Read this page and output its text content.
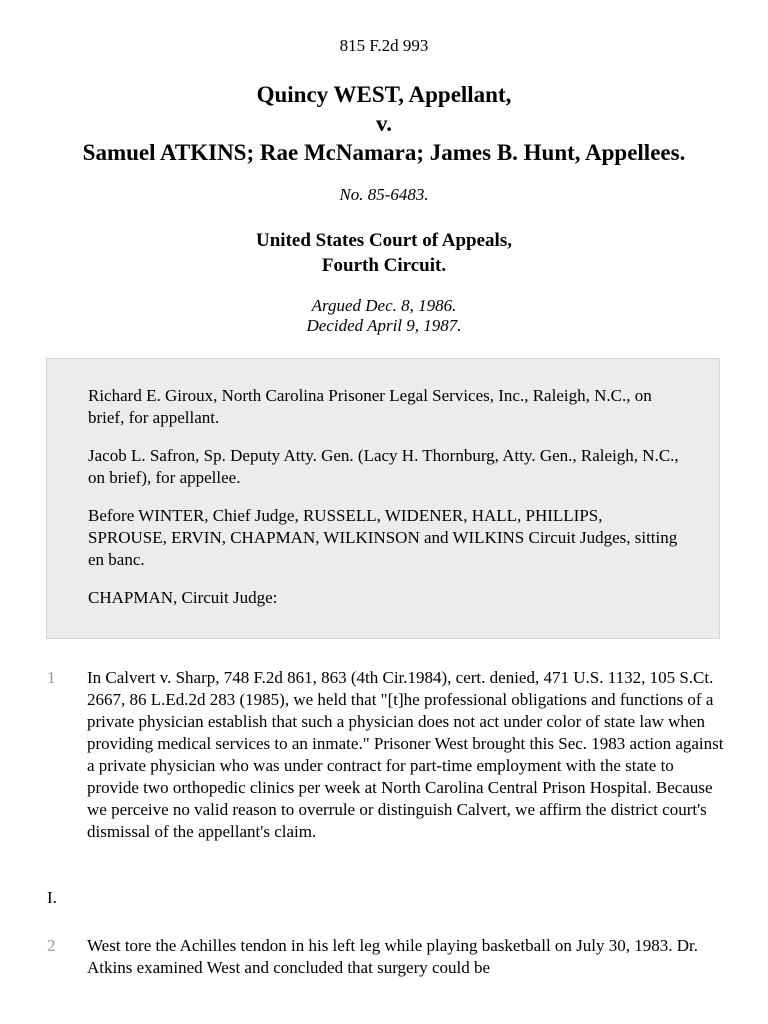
815 F.2d 993
Quincy WEST, Appellant,
v.
Samuel ATKINS; Rae McNamara; James B. Hunt, Appellees.
No. 85-6483.
United States Court of Appeals,
Fourth Circuit.
Argued Dec. 8, 1986.
Decided April 9, 1987.

Richard E. Giroux, North Carolina Prisoner Legal Services, Inc., Raleigh, N.C., on brief, for appellant.

Jacob L. Safron, Sp. Deputy Atty. Gen. (Lacy H. Thornburg, Atty. Gen., Raleigh, N.C., on brief), for appellee.

Before WINTER, Chief Judge, RUSSELL, WIDENER, HALL, PHILLIPS, SPROUSE, ERVIN, CHAPMAN, WILKINSON and WILKINS Circuit Judges, sitting en banc.

CHAPMAN, Circuit Judge:

1 In Calvert v. Sharp, 748 F.2d 861, 863 (4th Cir.1984), cert. denied, 471 U.S. 1132, 105 S.Ct. 2667, 86 L.Ed.2d 283 (1985), we held that "[t]he professional obligations and functions of a private physician establish that such a physician does not act under color of state law when providing medical services to an inmate." Prisoner West brought this Sec. 1983 action against a private physician who was under contract for part-time employment with the state to provide two orthopedic clinics per week at North Carolina Central Prison Hospital. Because we perceive no valid reason to overrule or distinguish Calvert, we affirm the district court's dismissal of the appellant's claim.
I.
2 West tore the Achilles tendon in his left leg while playing basketball on July 30, 1983. Dr. Atkins examined West and concluded that surgery could be
